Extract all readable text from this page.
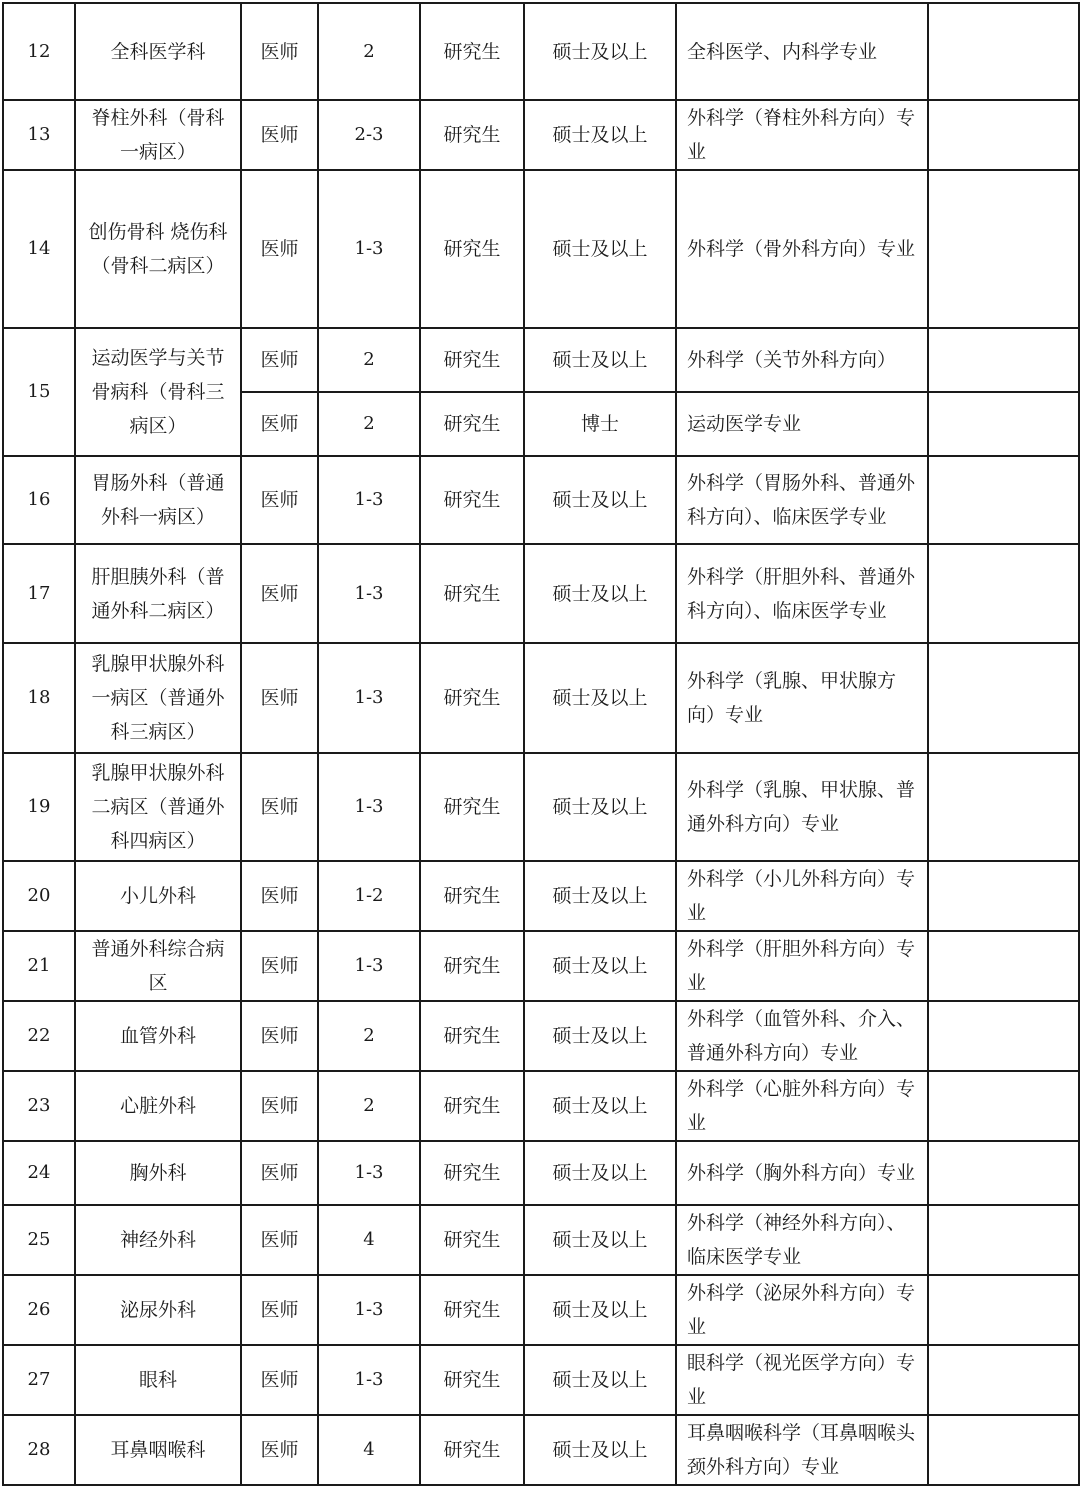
12	全科医学科	医师	2	研究生	硕士及以上	全科医学、内科学专业	
13	脊柱外科（骨科一病区）	医师	2-3	研究生	硕士及以上	外科学（脊柱外科方向）专业	
14	创伤骨科 烧伤科（骨科二病区）	医师	1-3	研究生	硕士及以上	外科学（骨外科方向）专业	
15	运动医学与关节骨病科（骨科三病区）	医师	2	研究生	硕士及以上	外科学（关节外科方向）	
		医师	2	研究生	博士	运动医学专业	
16	胃肠外科（普通外科一病区）	医师	1-3	研究生	硕士及以上	外科学（胃肠外科、普通外科方向）、临床医学专业	
17	肝胆胰外科（普通外科二病区）	医师	1-3	研究生	硕士及以上	外科学（肝胆外科、普通外科方向）、临床医学专业	
18	乳腺甲状腺外科一病区（普通外科三病区）	医师	1-3	研究生	硕士及以上	外科学（乳腺、甲状腺方向）专业	
19	乳腺甲状腺外科二病区（普通外科四病区）	医师	1-3	研究生	硕士及以上	外科学（乳腺、甲状腺、普通外科方向）专业	
20	小儿外科	医师	1-2	研究生	硕士及以上	外科学（小儿外科方向）专业	
21	普通外科综合病区	医师	1-3	研究生	硕士及以上	外科学（肝胆外科方向）专业	
22	血管外科	医师	2	研究生	硕士及以上	外科学（血管外科、介入、普通外科方向）专业	
23	心脏外科	医师	2	研究生	硕士及以上	外科学（心脏外科方向）专业	
24	胸外科	医师	1-3	研究生	硕士及以上	外科学（胸外科方向）专业	
25	神经外科	医师	4	研究生	硕士及以上	外科学（神经外科方向）、临床医学专业	
26	泌尿外科	医师	1-3	研究生	硕士及以上	外科学（泌尿外科方向）专业	
27	眼科	医师	1-3	研究生	硕士及以上	眼科学（视光医学方向）专业	
28	耳鼻咽喉科	医师	4	研究生	硕士及以上	耳鼻咽喉科学（耳鼻咽喉头颈外科方向）专业	
